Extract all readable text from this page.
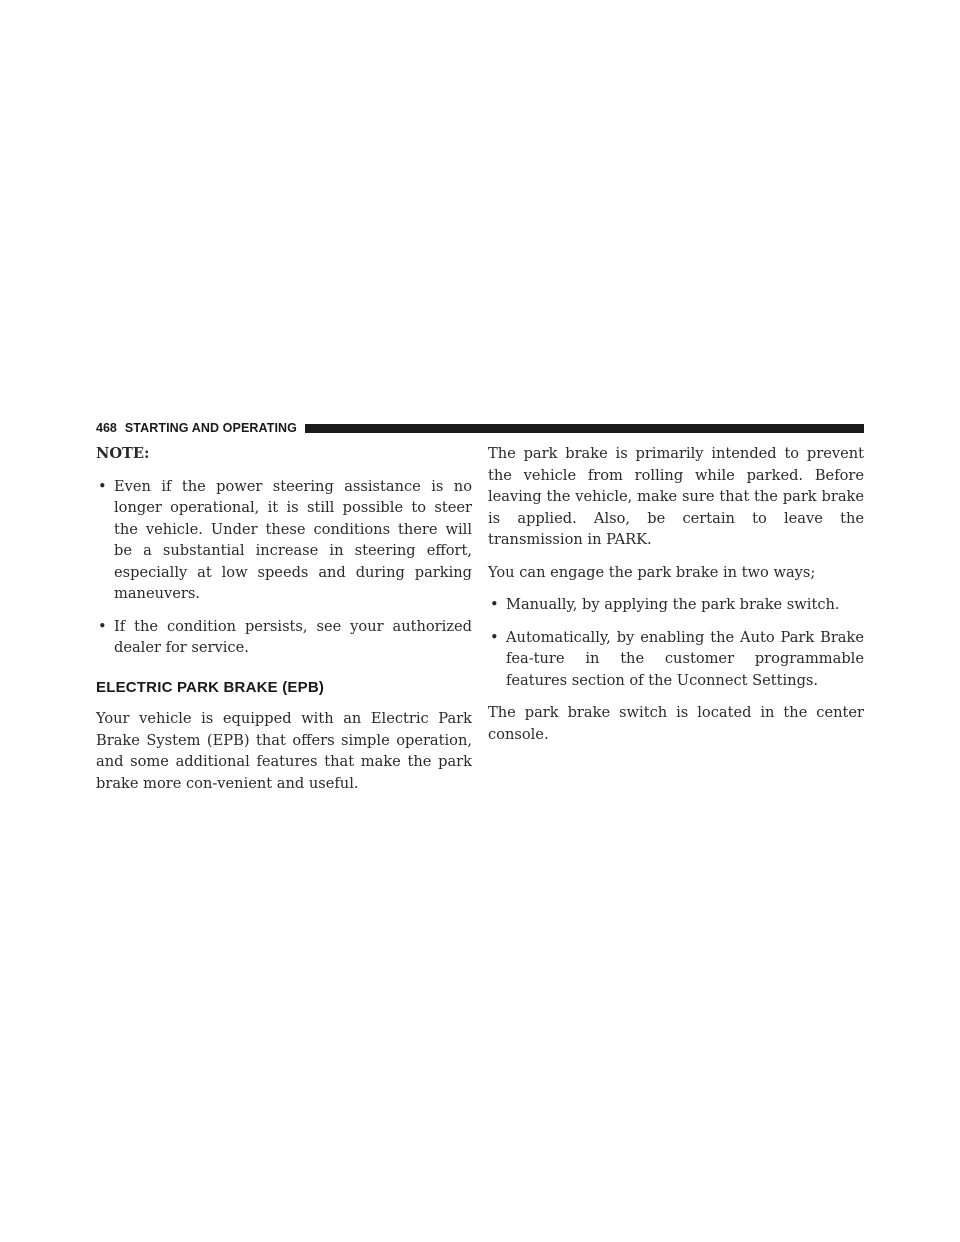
468 STARTING AND OPERATING

NOTE:

• Even if the power steering assistance is no longer operational, it is still possible to steer the vehicle. Under these conditions there will be a substantial increase in steering effort, especially at low speeds and during parking maneuvers.
• If the condition persists, see your authorized dealer for service.
ELECTRIC PARK BRAKE (EPB)

Your vehicle is equipped with an Electric Park Brake System (EPB) that offers simple operation, and some additional features that make the park brake more con-venient and useful.

The park brake is primarily intended to prevent the vehicle from rolling while parked. Before leaving the vehicle, make sure that the park brake is applied. Also, be certain to leave the transmission in PARK.

You can engage the park brake in two ways;

• Manually, by applying the park brake switch.
• Automatically, by enabling the Auto Park Brake fea-ture in the customer programmable features section of the Uconnect Settings.

The park brake switch is located in the center console.
